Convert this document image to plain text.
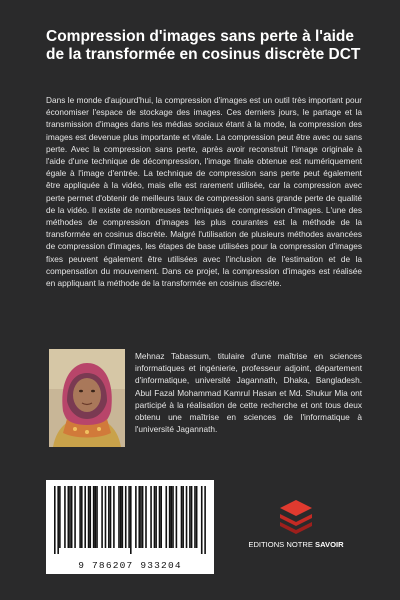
Compression d'images sans perte à l'aide de la transformée en cosinus discrète DCT

Dans le monde d'aujourd'hui, la compression d'images est un outil très important pour économiser l'espace de stockage des images. Ces derniers jours, le partage et la transmission d'images dans les médias sociaux étant à la mode, la compression des images est devenue plus importante et vitale. La compression peut être avec ou sans perte. Avec la compression sans perte, après avoir reconstruit l'image originale à l'aide d'une technique de décompression, l'image finale obtenue est numériquement égale à l'image d'entrée. La technique de compression sans perte peut également être appliquée à la vidéo, mais elle est rarement utilisée, car la compression avec perte permet d'obtenir de meilleurs taux de compression sans grande perte de qualité de la vidéo. Il existe de nombreuses techniques de compression d'images. L'une des méthodes de compression d'images les plus courantes est la méthode de la transformée en cosinus discrète. Malgré l'utilisation de plusieurs méthodes avancées de compression d'images, les étapes de base utilisées pour la compression d'images fixes peuvent également être utilisées avec l'inclusion de l'estimation et de la compensation du mouvement. Dans ce projet, la compression d'images est réalisée en appliquant la méthode de la transformée en cosinus discrète.

Mehnaz Tabassum, titulaire d'une maîtrise en sciences informatiques et ingénierie, professeur adjoint, département d'informatique, université Jagannath, Dhaka, Bangladesh. Abul Fazal Mohammad Kamrul Hasan et Md. Shukur Mia ont participé à la réalisation de cette recherche et ont tous deux obtenu une maîtrise en sciences de l'informatique à l'université Jagannath.

9 786207 933204
EDITIONS NOTRE SAVOIR
